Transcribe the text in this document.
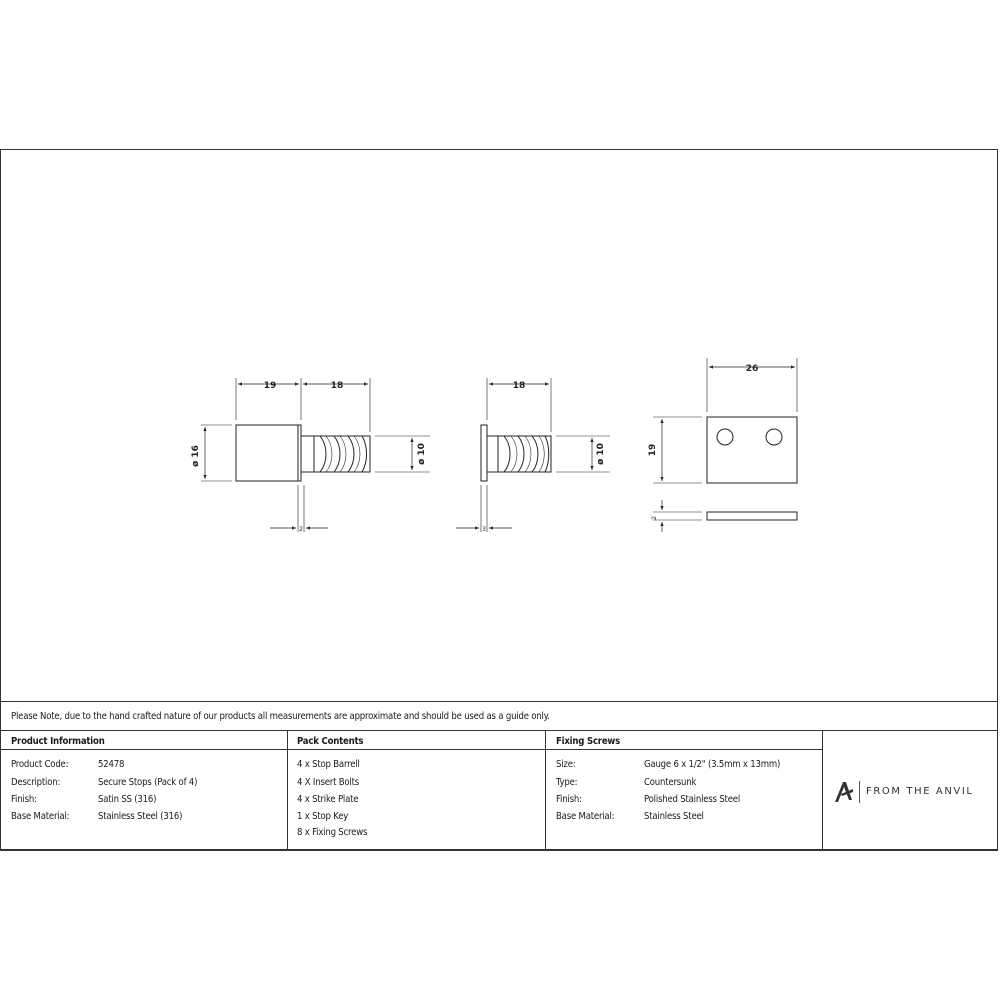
19	18
ø 16	ø 10
2
18
ø 10
3
26
19
2
Please Note, due to the hand crafted nature of our products all measurements are approximate and should be used as a guide only.
Product Information
Product Code:	52478
Description:	Secure Stops (Pack of 4)
Finish:	Satin SS (316)
Base Material:	Stainless Steel (316)
Pack Contents
4 x Stop Barrell
4 X Insert Bolts
4 x Strike Plate
1 x Stop Key
8 x Fixing Screws
Fixing Screws
Size:	Gauge 6 x 1/2" (3.5mm x 13mm)
Type:	Countersunk
Finish:	Polished Stainless Steel
Base Material:	Stainless Steel
FROM THE ANVIL
